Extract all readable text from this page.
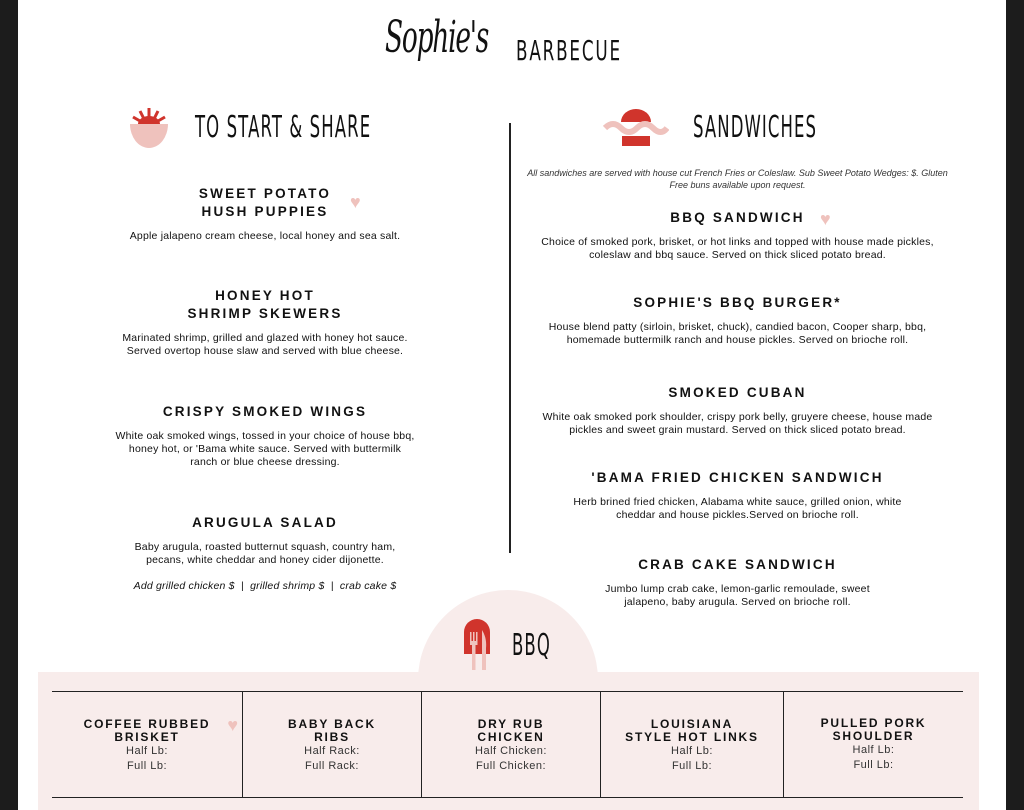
Sophie's BARBECUE
TO START & SHARE	SANDWICHES
SWEET POTATO
HUSH PUPPIES
Apple jalapeno cream cheese, local honey and sea salt.
♥
HONEY HOT
SHRIMP SKEWERS
Marinated shrimp, grilled and glazed with honey hot sauce. Served overtop house slaw and served with blue cheese.
CRISPY SMOKED WINGS
White oak smoked wings, tossed in your choice of house bbq, honey hot, or 'Bama white sauce. Served with buttermilk ranch or blue cheese dressing.
ARUGULA SALAD
Baby arugula, roasted butternut squash, country ham, pecans, white cheddar and honey cider dijonette.
Add grilled chicken $  |  grilled shrimp $  |  crab cake $
All sandwiches are served with house cut French Fries or Coleslaw. Sub Sweet Potato Wedges: $. Gluten Free buns available upon request.
BBQ SANDWICH
Choice of smoked pork, brisket, or hot links and topped with house made pickles, coleslaw and bbq sauce. Served on thick sliced potato bread.
♥
SOPHIE'S BBQ BURGER*
House blend patty (sirloin, brisket, chuck), candied bacon, Cooper sharp, bbq, homemade buttermilk ranch and house pickles. Served on brioche roll.
SMOKED CUBAN
White oak smoked pork shoulder, crispy pork belly, gruyere cheese, house made pickles and sweet grain mustard. Served on thick sliced potato bread.
'BAMA FRIED CHICKEN SANDWICH
Herb brined fried chicken, Alabama white sauce, grilled onion, white cheddar and house pickles.Served on brioche roll.
CRAB CAKE SANDWICH
Jumbo lump crab cake, lemon-garlic remoulade, sweet jalapeno, baby arugula. Served on brioche roll.
BBQ
COFFEE RUBBED
BRISKET
Half Lb:
Full Lb:
♥	BABY BACK
RIBS
Half Rack:
Full Rack:
DRY RUB
CHICKEN
Half Chicken:
Full Chicken:
LOUISIANA
STYLE HOT LINKS
Half Lb:
Full Lb:
PULLED PORK
SHOULDER
Half Lb:
Full Lb:
